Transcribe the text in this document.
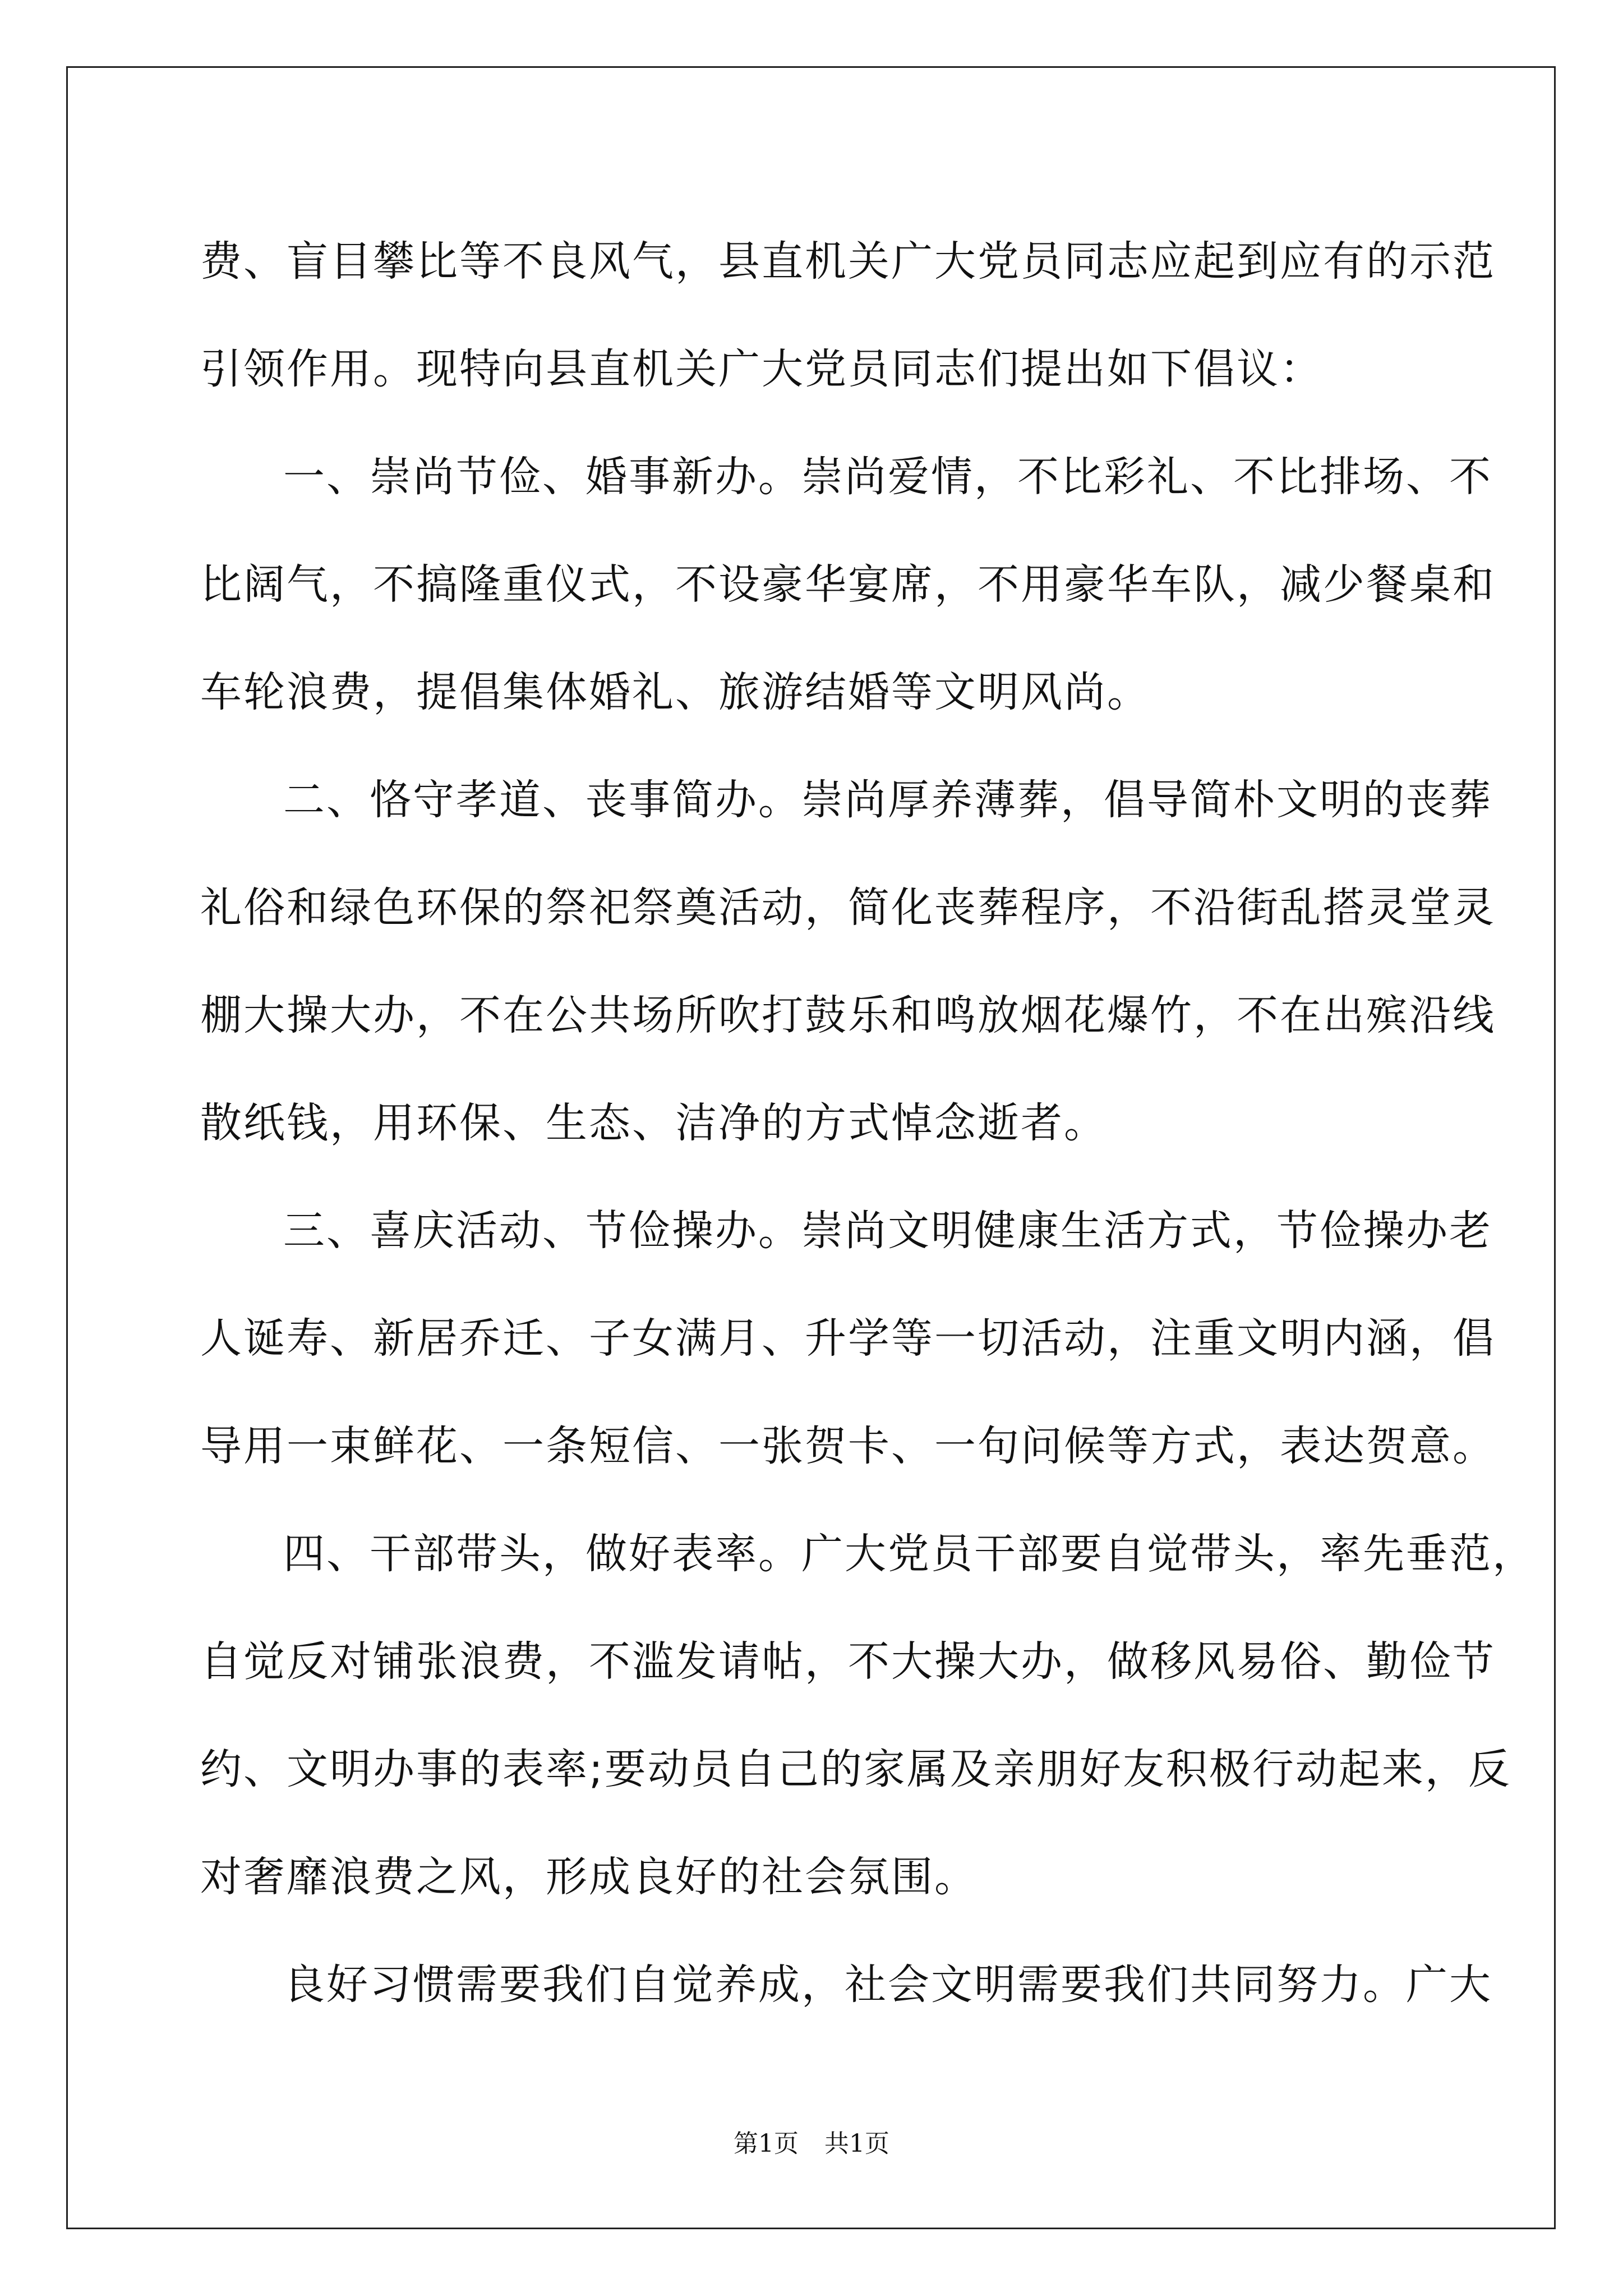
费、盲目攀比等不良风气，县直机关广大党员同志应起到应有的示范
引领作用。现特向县直机关广大党员同志们提出如下倡议：
一、崇尚节俭、婚事新办。崇尚爱情，不比彩礼、不比排场、不
比阔气，不搞隆重仪式，不设豪华宴席，不用豪华车队，减少餐桌和
车轮浪费，提倡集体婚礼、旅游结婚等文明风尚。
二、恪守孝道、丧事简办。崇尚厚养薄葬，倡导简朴文明的丧葬
礼俗和绿色环保的祭祀祭奠活动，简化丧葬程序，不沿街乱搭灵堂灵
棚大操大办，不在公共场所吹打鼓乐和鸣放烟花爆竹，不在出殡沿线
散纸钱，用环保、生态、洁净的方式悼念逝者。
三、喜庆活动、节俭操办。崇尚文明健康生活方式，节俭操办老
人诞寿、新居乔迁、子女满月、升学等一切活动，注重文明内涵，倡
导用一束鲜花、一条短信、一张贺卡、一句问候等方式，表达贺意。
四、干部带头，做好表率。广大党员干部要自觉带头，率先垂范，
自觉反对铺张浪费，不滥发请帖，不大操大办，做移风易俗、勤俭节
约、文明办事的表率;要动员自己的家属及亲朋好友积极行动起来，反
对奢靡浪费之风，形成良好的社会氛围。
良好习惯需要我们自觉养成，社会文明需要我们共同努力。广大
第1页 共1页
